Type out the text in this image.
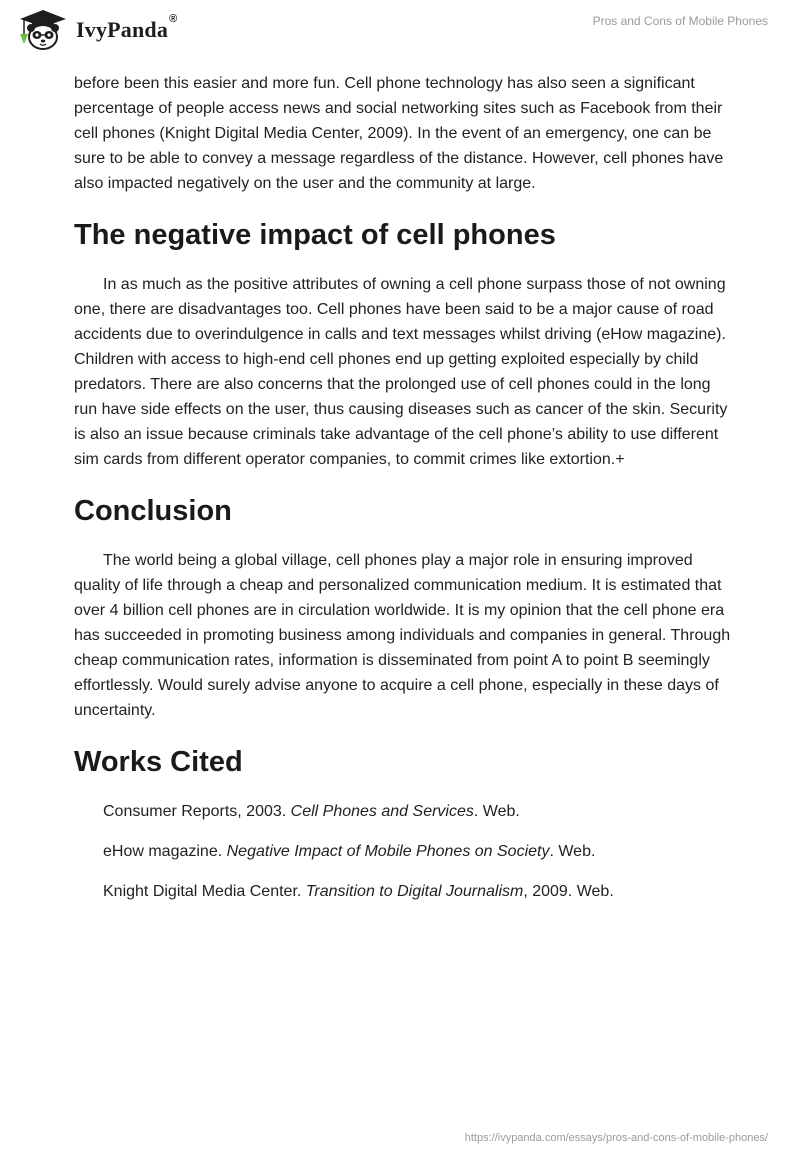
IvyPanda®	Pros and Cons of Mobile Phones

before been this easier and more fun. Cell phone technology has also seen a significant percentage of people access news and social networking sites such as Facebook from their cell phones (Knight Digital Media Center, 2009). In the event of an emergency, one can be sure to be able to convey a message regardless of the distance. However, cell phones have also impacted negatively on the user and the community at large.

The negative impact of cell phones

In as much as the positive attributes of owning a cell phone surpass those of not owning one, there are disadvantages too. Cell phones have been said to be a major cause of road accidents due to overindulgence in calls and text messages whilst driving (eHow magazine). Children with access to high-end cell phones end up getting exploited especially by child predators. There are also concerns that the prolonged use of cell phones could in the long run have side effects on the user, thus causing diseases such as cancer of the skin. Security is also an issue because criminals take advantage of the cell phone’s ability to use different sim cards from different operator companies, to commit crimes like extortion.+

Conclusion

The world being a global village, cell phones play a major role in ensuring improved quality of life through a cheap and personalized communication medium. It is estimated that over 4 billion cell phones are in circulation worldwide. It is my opinion that the cell phone era has succeeded in promoting business among individuals and companies in general. Through cheap communication rates, information is disseminated from point A to point B seemingly effortlessly. Would surely advise anyone to acquire a cell phone, especially in these days of uncertainty.

Works Cited
Consumer Reports, 2003. Cell Phones and Services. Web.
eHow magazine. Negative Impact of Mobile Phones on Society. Web.
Knight Digital Media Center. Transition to Digital Journalism, 2009. Web.
https://ivypanda.com/essays/pros-and-cons-of-mobile-phones/
